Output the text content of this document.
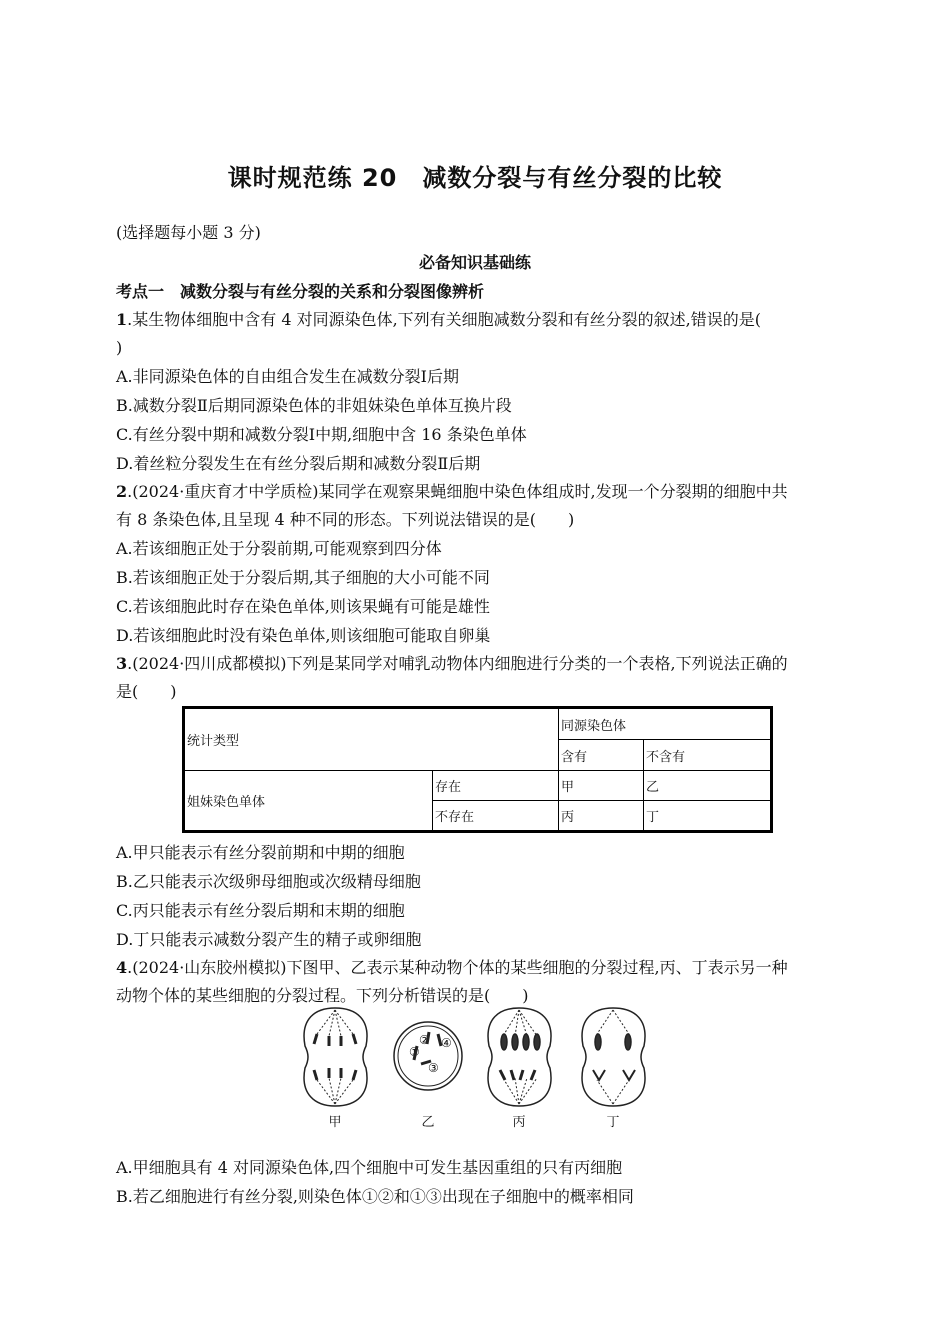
课时规范练 20　减数分裂与有丝分裂的比较
(选择题每小题 3 分)
必备知识基础练
考点一　减数分裂与有丝分裂的关系和分裂图像辨析
1.某生物体细胞中含有 4 对同源染色体,下列有关细胞减数分裂和有丝分裂的叙述,错误的是(
)
A.非同源染色体的自由组合发生在减数分裂Ⅰ后期
B.减数分裂Ⅱ后期同源染色体的非姐妹染色单体互换片段
C.有丝分裂中期和减数分裂Ⅰ中期,细胞中含 16 条染色单体
D.着丝粒分裂发生在有丝分裂后期和减数分裂Ⅱ后期
2.(2024·重庆育才中学质检)某同学在观察果蝇细胞中染色体组成时,发现一个分裂期的细胞中共
有 8 条染色体,且呈现 4 种不同的形态。下列说法错误的是(　　)
A.若该细胞正处于分裂前期,可能观察到四分体
B.若该细胞正处于分裂后期,其子细胞的大小可能不同
C.若该细胞此时存在染色单体,则该果蝇有可能是雄性
D.若该细胞此时没有染色单体,则该细胞可能取自卵巢
3.(2024·四川成都模拟)下列是某同学对哺乳动物体内细胞进行分类的一个表格,下列说法正确的
是(　　)
统计类型		同源染色体	
		含有	不含有
姐妹染色单体	存在	甲	乙
	不存在	丙	丁
A.甲只能表示有丝分裂前期和中期的细胞
B.乙只能表示次级卵母细胞或次级精母细胞
C.丙只能表示有丝分裂后期和末期的细胞
D.丁只能表示减数分裂产生的精子或卵细胞
4.(2024·山东胶州模拟)下图甲、乙表示某种动物个体的某些细胞的分裂过程,丙、丁表示另一种
动物个体的某些细胞的分裂过程。下列分析错误的是(　　)
①
②
③
④
甲	乙	丙	丁
A.甲细胞具有 4 对同源染色体,四个细胞中可发生基因重组的只有丙细胞
B.若乙细胞进行有丝分裂,则染色体①②和①③出现在子细胞中的概率相同
